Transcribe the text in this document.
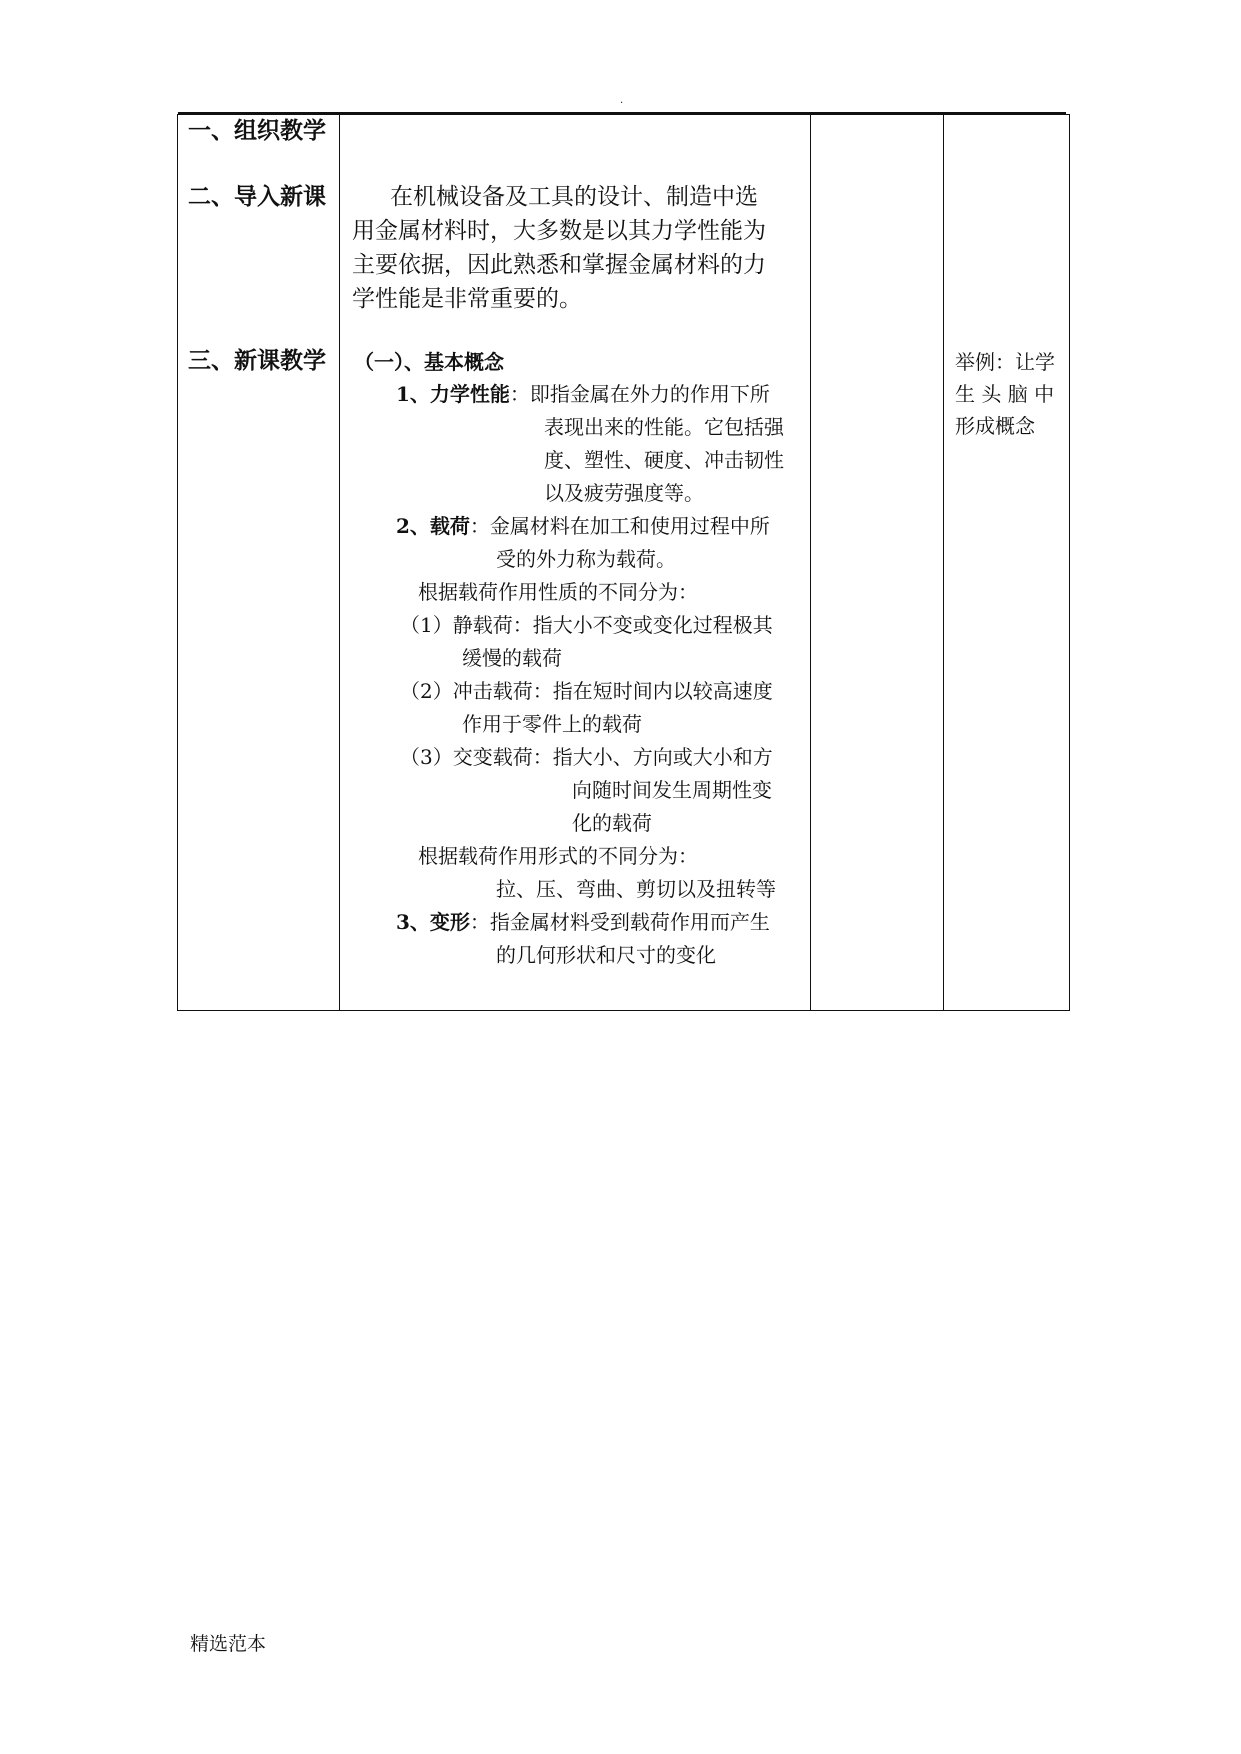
.
一、组织教学
二、导入新课
三、新课教学
在机械设备及工具的设计、制造中选
用金属材料时，大多数是以其力学性能为
主要依据，因此熟悉和掌握金属材料的力
学性能是非常重要的。
（一）、基本概念
1、力学性能：即指金属在外力的作用下所
表现出来的性能。它包括强
度、塑性、硬度、冲击韧性
以及疲劳强度等。
2、载荷：金属材料在加工和使用过程中所
受的外力称为载荷。
根据载荷作用性质的不同分为：
（1）静载荷：指大小不变或变化过程极其
缓慢的载荷
（2）冲击载荷：指在短时间内以较高速度
作用于零件上的载荷
（3）交变载荷：指大小、方向或大小和方
向随时间发生周期性变
化的载荷
根据载荷作用形式的不同分为：
拉、压、弯曲、剪切以及扭转等
3、变形：指金属材料受到载荷作用而产生
的几何形状和尺寸的变化
举例：让学
生 头 脑 中
形成概念
精选范本
